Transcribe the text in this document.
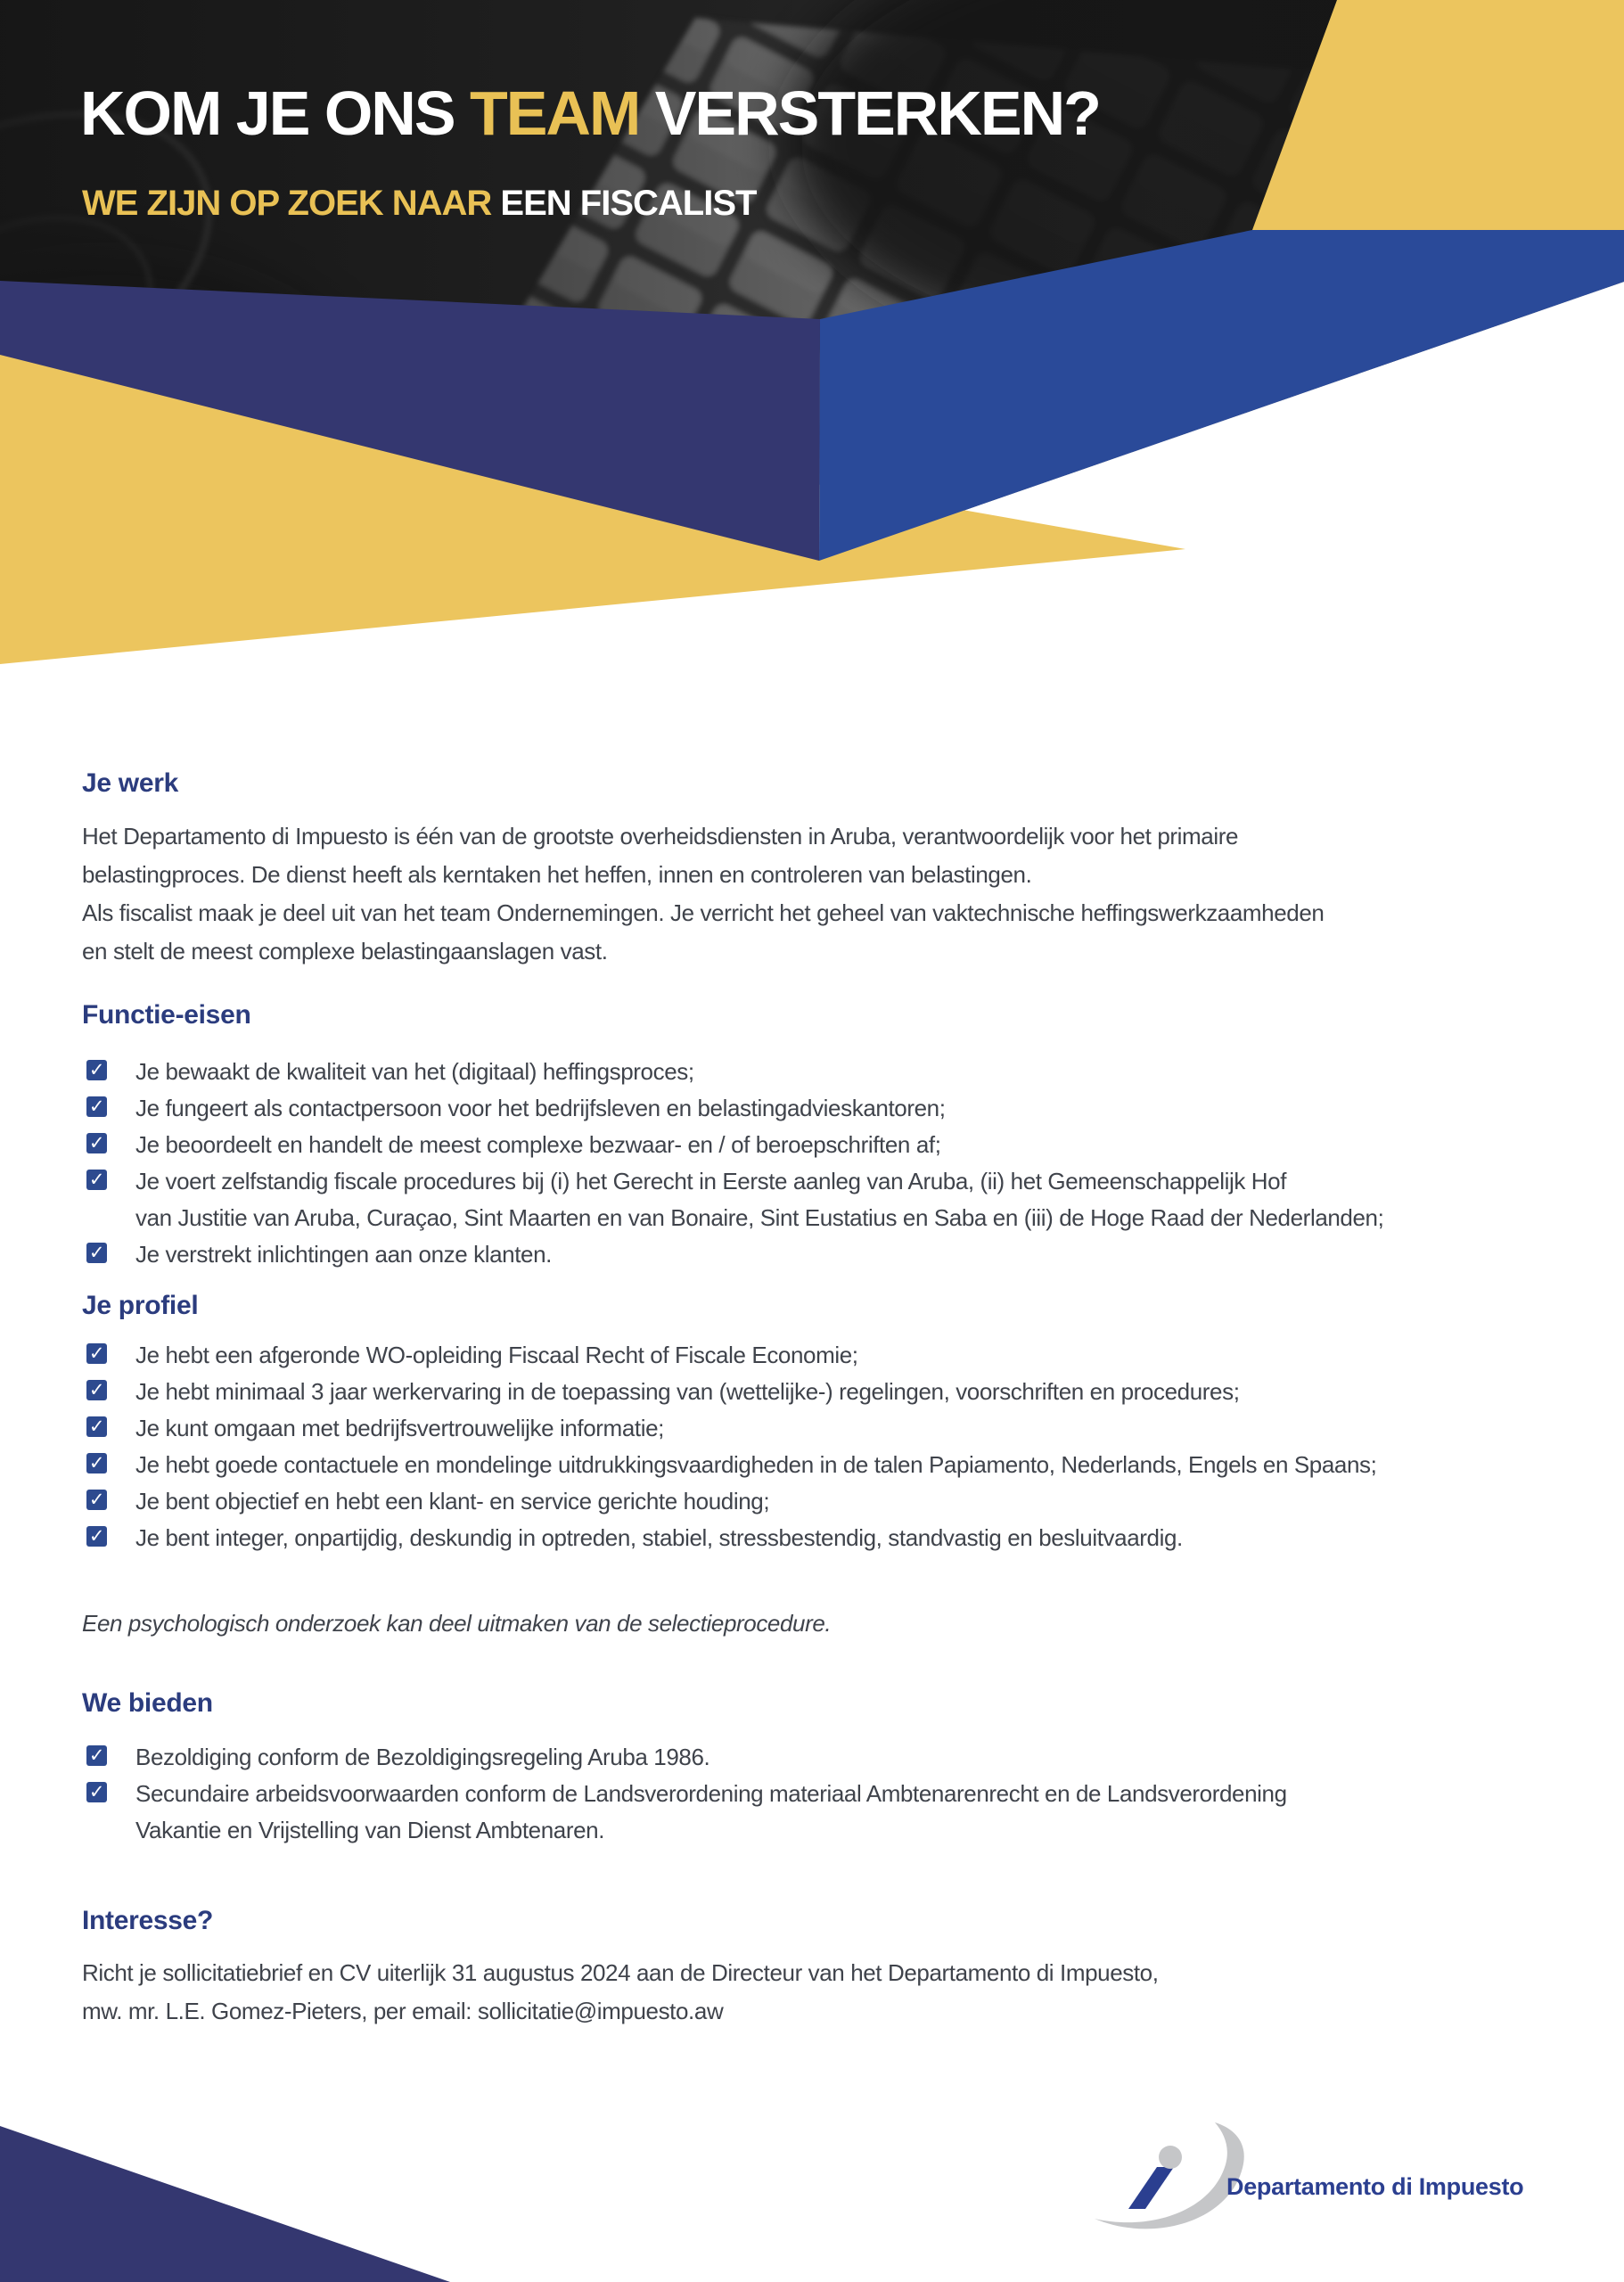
KOM JE ONS TEAM VERSTERKEN?
WE ZIJN OP ZOEK NAAR EEN FISCALIST
Je werk
Het Departamento di Impuesto is één van de grootste overheidsdiensten in Aruba, verantwoordelijk voor het primaire
belastingproces. De dienst heeft als kerntaken het heffen, innen en controleren van belastingen.
Als fiscalist maak je deel uit van het team Ondernemingen. Je verricht het geheel van vaktechnische heffingswerkzaamheden
en stelt de meest complexe belastingaanslagen vast.
Functie-eisen
✓ Je bewaakt de kwaliteit van het (digitaal) heffingsproces;
✓ Je fungeert als contactpersoon voor het bedrijfsleven en belastingadvieskantoren;
✓ Je beoordeelt en handelt de meest complexe bezwaar- en / of beroepschriften af;
✓ Je voert zelfstandig fiscale procedures bij (i) het Gerecht in Eerste aanleg van Aruba, (ii) het Gemeenschappelijk Hof
van Justitie van Aruba, Curaçao, Sint Maarten en van Bonaire, Sint Eustatius en Saba en (iii) de Hoge Raad der Nederlanden;
✓ Je verstrekt inlichtingen aan onze klanten.
Je profiel
✓ Je hebt een afgeronde WO-opleiding Fiscaal Recht of Fiscale Economie;
✓ Je hebt minimaal 3 jaar werkervaring in de toepassing van (wettelijke-) regelingen, voorschriften en procedures;
✓ Je kunt omgaan met bedrijfsvertrouwelijke informatie;
✓ Je hebt goede contactuele en mondelinge uitdrukkingsvaardigheden in de talen Papiamento, Nederlands, Engels en Spaans;
✓ Je bent objectief en hebt een klant- en service gerichte houding;
✓ Je bent integer, onpartijdig, deskundig in optreden, stabiel, stressbestendig, standvastig en besluitvaardig.
Een psychologisch onderzoek kan deel uitmaken van de selectieprocedure.
We bieden
✓ Bezoldiging conform de Bezoldigingsregeling Aruba 1986.
✓ Secundaire arbeidsvoorwaarden conform de Landsverordening materiaal Ambtenarenrecht en de Landsverordening
Vakantie en Vrijstelling van Dienst Ambtenaren.
Interesse?
Richt je sollicitatiebrief en CV uiterlijk 31 augustus 2024 aan de Directeur van het Departamento di Impuesto,
mw. mr. L.E. Gomez-Pieters, per email: sollicitatie@impuesto.aw
Departamento di Impuesto
